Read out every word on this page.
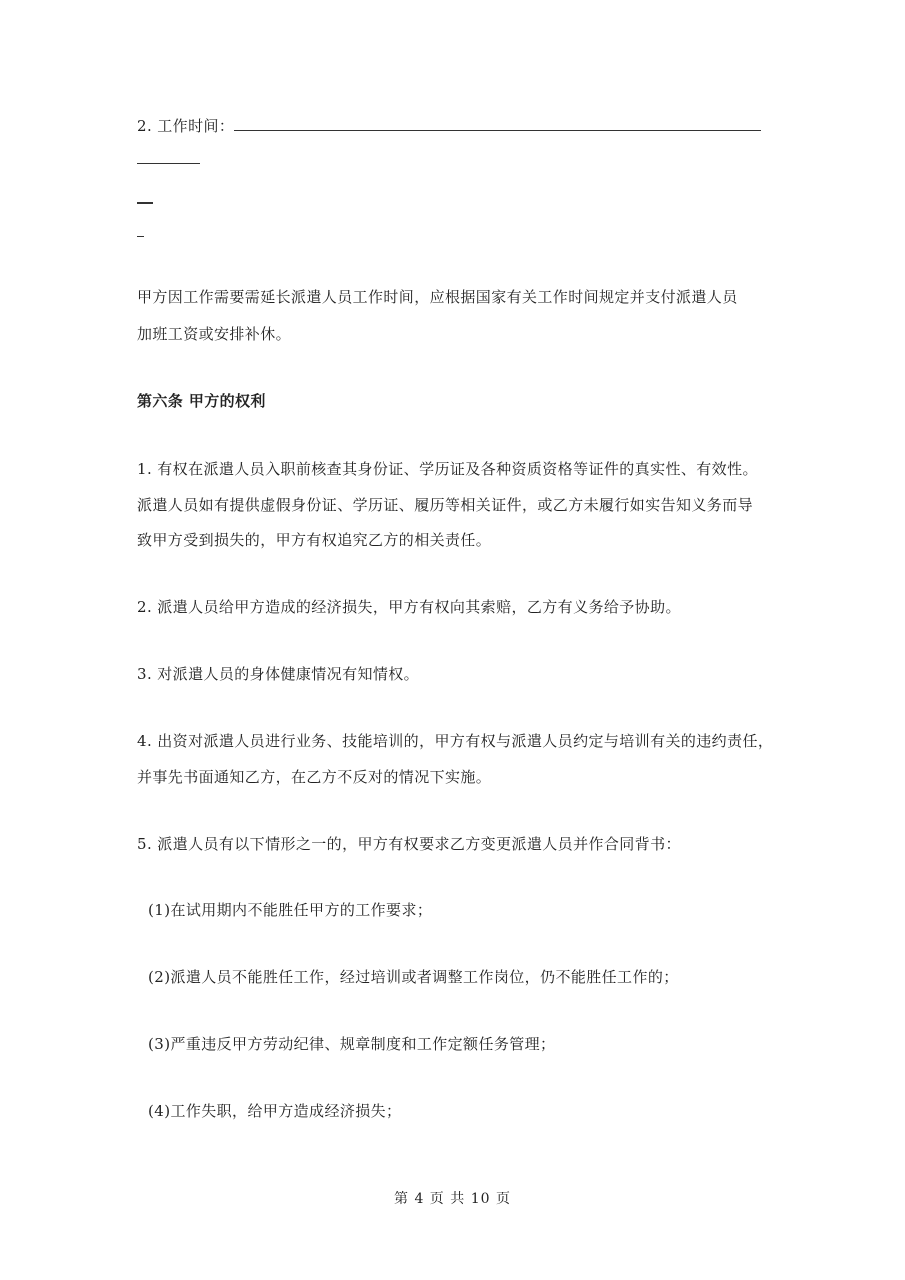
2. 工作时间：
甲方因工作需要需延长派遣人员工作时间，应根据国家有关工作时间规定并支付派遣人员
加班工资或安排补休。
第六条 甲方的权利
1. 有权在派遣人员入职前核查其身份证、学历证及各种资质资格等证件的真实性、有效性。
派遣人员如有提供虚假身份证、学历证、履历等相关证件，或乙方未履行如实告知义务而导
致甲方受到损失的，甲方有权追究乙方的相关责任。
2. 派遣人员给甲方造成的经济损失，甲方有权向其索赔，乙方有义务给予协助。
3. 对派遣人员的身体健康情况有知情权。
4. 出资对派遣人员进行业务、技能培训的，甲方有权与派遣人员约定与培训有关的违约责任，
并事先书面通知乙方，在乙方不反对的情况下实施。
5. 派遣人员有以下情形之一的，甲方有权要求乙方变更派遣人员并作合同背书：
(1)在试用期内不能胜任甲方的工作要求；
(2)派遣人员不能胜任工作，经过培训或者调整工作岗位，仍不能胜任工作的；
(3)严重违反甲方劳动纪律、规章制度和工作定额任务管理；
(4)工作失职，给甲方造成经济损失；
第 4 页 共 10 页
